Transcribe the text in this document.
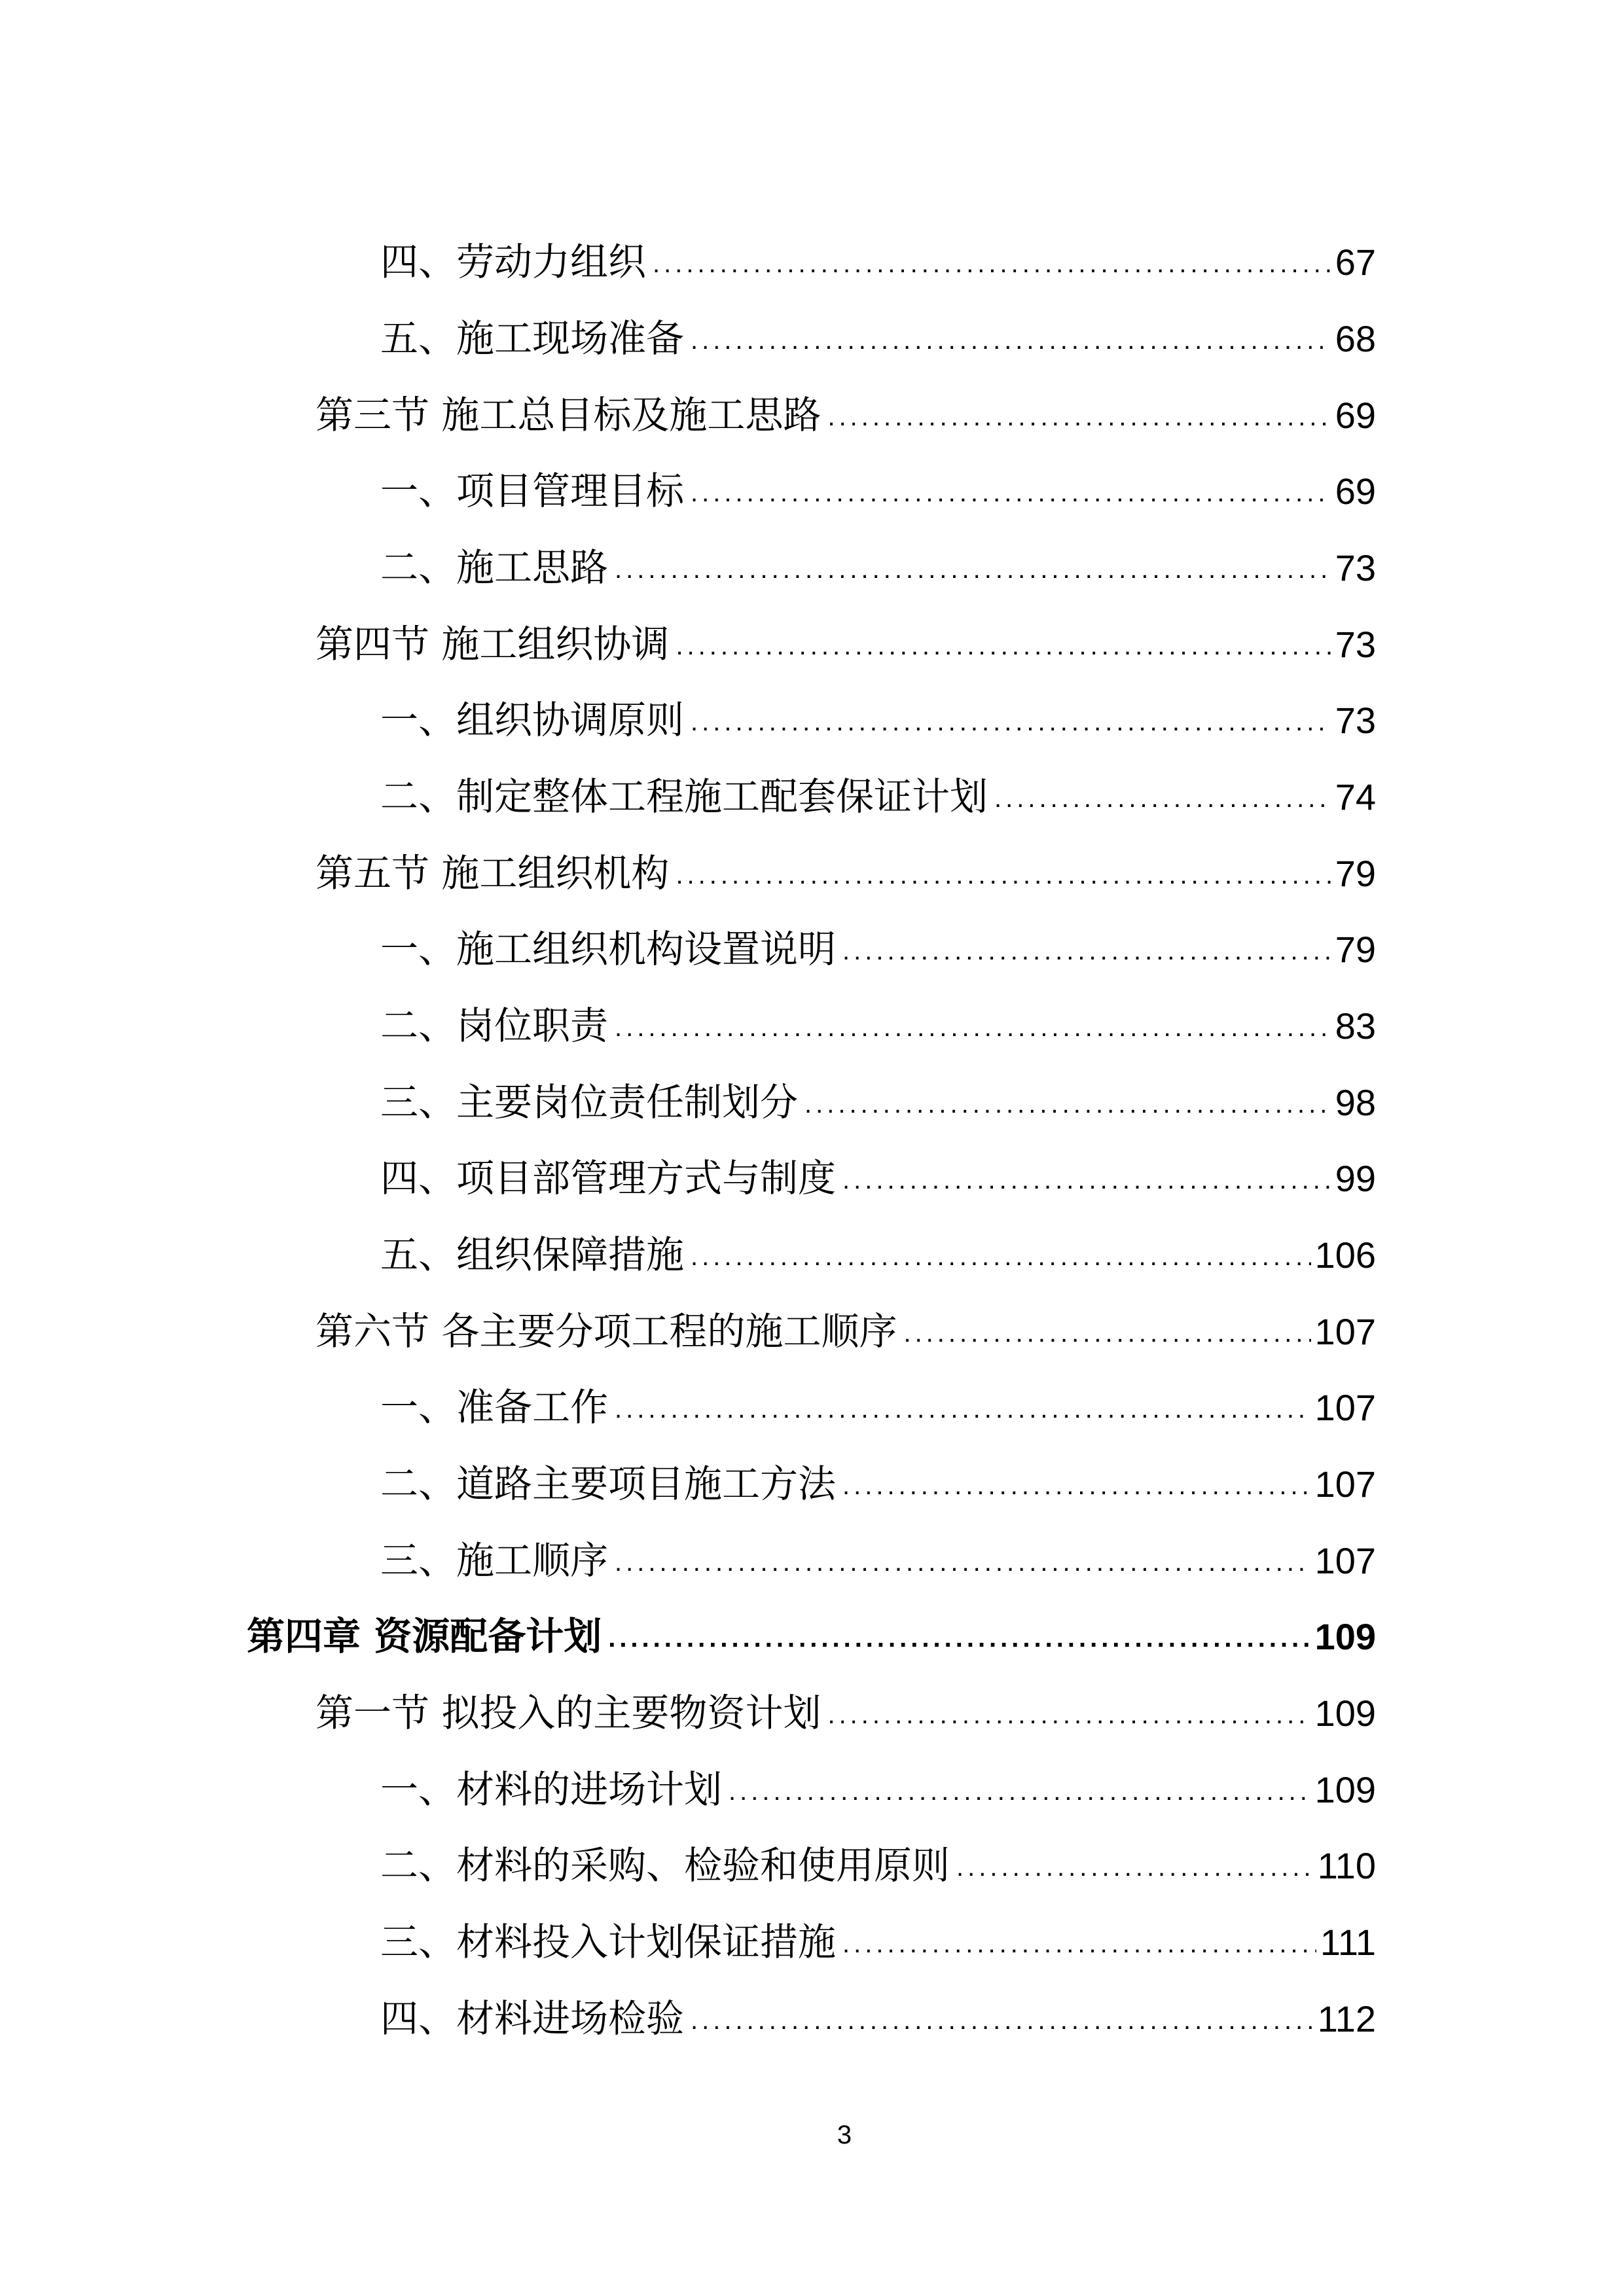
四、劳动力组织 .....	67
五、施工现场准备 .....	68
第三节 施工总目标及施工思路 .....	69
一、项目管理目标 .....	69
二、施工思路 .....	73
第四节 施工组织协调 .....	73
一、组织协调原则 .....	73
二、制定整体工程施工配套保证计划 .....	74
第五节 施工组织机构 .....	79
一、施工组织机构设置说明 .....	79
二、岗位职责 .....	83
三、主要岗位责任制划分 .....	98
四、项目部管理方式与制度 .....	99
五、组织保障措施 .....	106
第六节 各主要分项工程的施工顺序 .....	107
一、准备工作 .....	107
二、道路主要项目施工方法 .....	107
三、施工顺序 .....	107
第四章 资源配备计划 .....	109
第一节 拟投入的主要物资计划 .....	109
一、材料的进场计划 .....	109
二、材料的采购、检验和使用原则 .....	110
三、材料投入计划保证措施 .....	111
四、材料进场检验 .....	112
3
